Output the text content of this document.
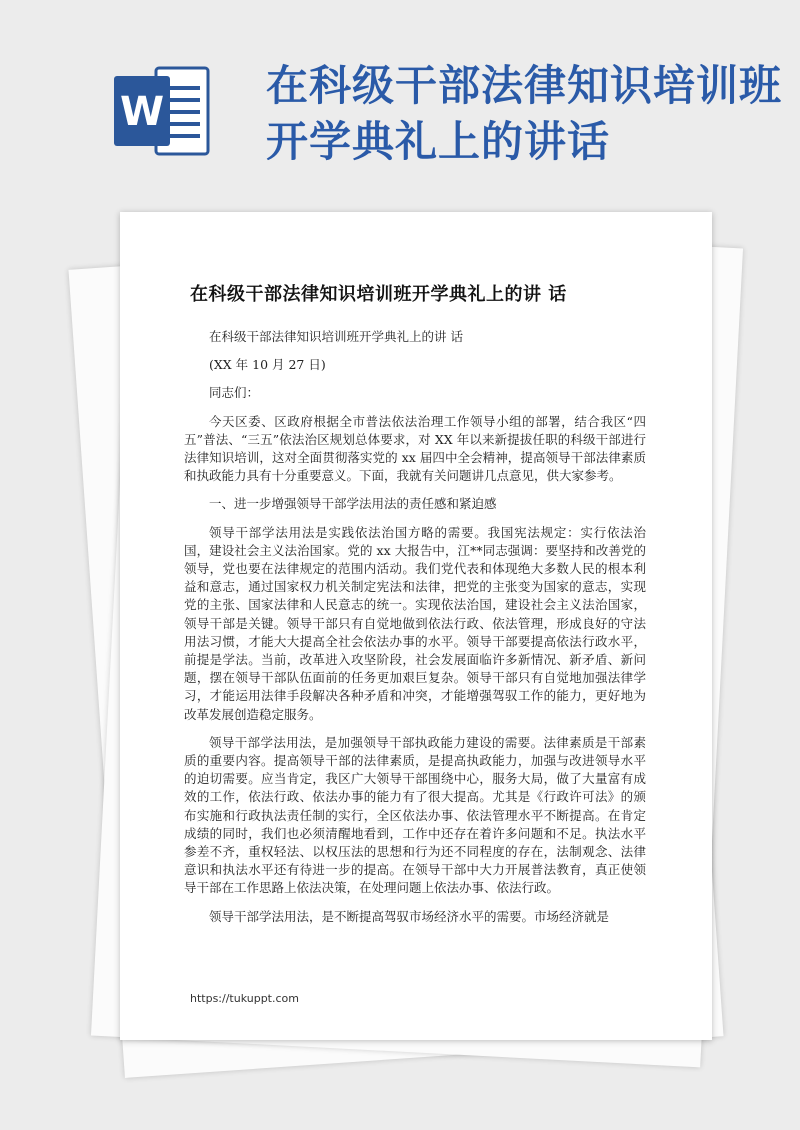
W
在科级干部法律知识培训班开学典礼上的讲话
在科级干部法律知识培训班开学典礼上的讲 话

在科级干部法律知识培训班开学典礼上的讲 话

(XX 年 10 月 27 日)

同志们：

今天区委、区政府根据全市普法依法治理工作领导小组的部署，结合我区“四五”普法、“三五”依法治区规划总体要求，对 XX 年以来新提拔任职的科级干部进行法律知识培训，这对全面贯彻落实党的 xx 届四中全会精神，提高领导干部法律素质和执政能力具有十分重要意义。下面，我就有关问题讲几点意见，供大家参考。

一、进一步增强领导干部学法用法的责任感和紧迫感

领导干部学法用法是实践依法治国方略的需要。我国宪法规定：实行依法治国，建设社会主义法治国家。党的 xx 大报告中，江**同志强调：要坚持和改善党的领导，党也要在法律规定的范围内活动。我们党代表和体现绝大多数人民的根本利益和意志，通过国家权力机关制定宪法和法律，把党的主张变为国家的意志，实现党的主张、国家法律和人民意志的统一。实现依法治国，建设社会主义法治国家，领导干部是关键。领导干部只有自觉地做到依法行政、依法管理，形成良好的守法用法习惯，才能大大提高全社会依法办事的水平。领导干部要提高依法行政水平，前提是学法。当前，改革进入攻坚阶段，社会发展面临许多新情况、新矛盾、新问题，摆在领导干部队伍面前的任务更加艰巨复杂。领导干部只有自觉地加强法律学习，才能运用法律手段解决各种矛盾和冲突，才能增强驾驭工作的能力，更好地为改革发展创造稳定服务。

领导干部学法用法，是加强领导干部执政能力建设的需要。法律素质是干部素质的重要内容。提高领导干部的法律素质，是提高执政能力，加强与改进领导水平的迫切需要。应当肯定，我区广大领导干部围绕中心，服务大局，做了大量富有成效的工作，依法行政、依法办事的能力有了很大提高。尤其是《行政许可法》的颁布实施和行政执法责任制的实行，全区依法办事、依法管理水平不断提高。在肯定成绩的同时，我们也必须清醒地看到，工作中还存在着许多问题和不足。执法水平参差不齐，重权轻法、以权压法的思想和行为还不同程度的存在，法制观念、法律意识和执法水平还有待进一步的提高。在领导干部中大力开展普法教育，真正使领导干部在工作思路上依法决策，在处理问题上依法办事、依法行政。

领导干部学法用法，是不断提高驾驭市场经济水平的需要。市场经济就是

https://tukuppt.com
